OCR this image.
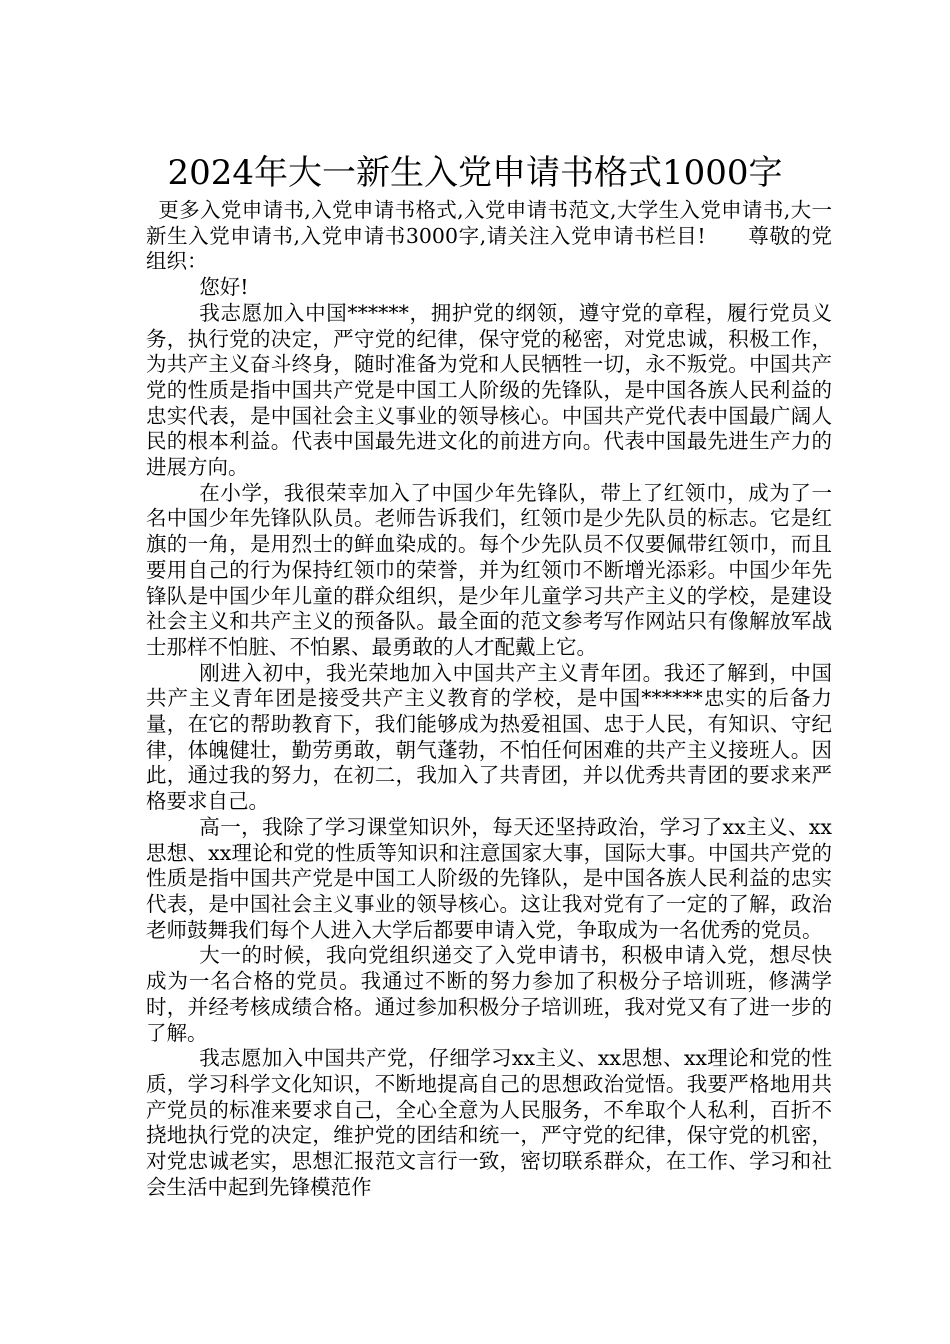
2024年大一新生入党申请书格式1000字

更多入党申请书,入党申请书格式,入党申请书范文,大学生入党申请书,大一新生入党申请书,入党申请书3000字,请关注入党申请书栏目!　　尊敬的党组织：

您好!

我志愿加入中国******，拥护党的纲领，遵守党的章程，履行党员义务，执行党的决定，严守党的纪律，保守党的秘密，对党忠诚，积极工作，为共产主义奋斗终身，随时准备为党和人民牺牲一切，永不叛党。中国共产党的性质是指中国共产党是中国工人阶级的先锋队，是中国各族人民利益的忠实代表，是中国社会主义事业的领导核心。中国共产党代表中国最广阔人民的根本利益。代表中国最先进文化的前进方向。代表中国最先进生产力的进展方向。

在小学，我很荣幸加入了中国少年先锋队，带上了红领巾，成为了一名中国少年先锋队队员。老师告诉我们，红领巾是少先队员的标志。它是红旗的一角，是用烈士的鲜血染成的。每个少先队员不仅要佩带红领巾，而且要用自己的行为保持红领巾的荣誉，并为红领巾不断增光添彩。中国少年先锋队是中国少年儿童的群众组织，是少年儿童学习共产主义的学校，是建设社会主义和共产主义的预备队。最全面的范文参考写作网站只有像解放军战士那样不怕脏、不怕累、最勇敢的人才配戴上它。

刚进入初中，我光荣地加入中国共产主义青年团。我还了解到，中国共产主义青年团是接受共产主义教育的学校，是中国******忠实的后备力量，在它的帮助教育下，我们能够成为热爱祖国、忠于人民，有知识、守纪律，体魄健壮，勤劳勇敢，朝气蓬勃，不怕任何困难的共产主义接班人。因此，通过我的努力，在初二，我加入了共青团，并以优秀共青团的要求来严格要求自己。

高一，我除了学习课堂知识外，每天还坚持政治，学习了xx主义、xx思想、xx理论和党的性质等知识和注意国家大事，国际大事。中国共产党的性质是指中国共产党是中国工人阶级的先锋队，是中国各族人民利益的忠实代表，是中国社会主义事业的领导核心。这让我对党有了一定的了解，政治老师鼓舞我们每个人进入大学后都要申请入党，争取成为一名优秀的党员。

大一的时候，我向党组织递交了入党申请书，积极申请入党，想尽快成为一名合格的党员。我通过不断的努力参加了积极分子培训班，修满学时，并经考核成绩合格。通过参加积极分子培训班，我对党又有了进一步的了解。

我志愿加入中国共产党，仔细学习xx主义、xx思想、xx理论和党的性质，学习科学文化知识，不断地提高自己的思想政治觉悟。我要严格地用共产党员的标准来要求自己，全心全意为人民服务，不牟取个人私利，百折不挠地执行党的决定，维护党的团结和统一，严守党的纪律，保守党的机密，对党忠诚老实，思想汇报范文言行一致，密切联系群众，在工作、学习和社会生活中起到先锋模范作
